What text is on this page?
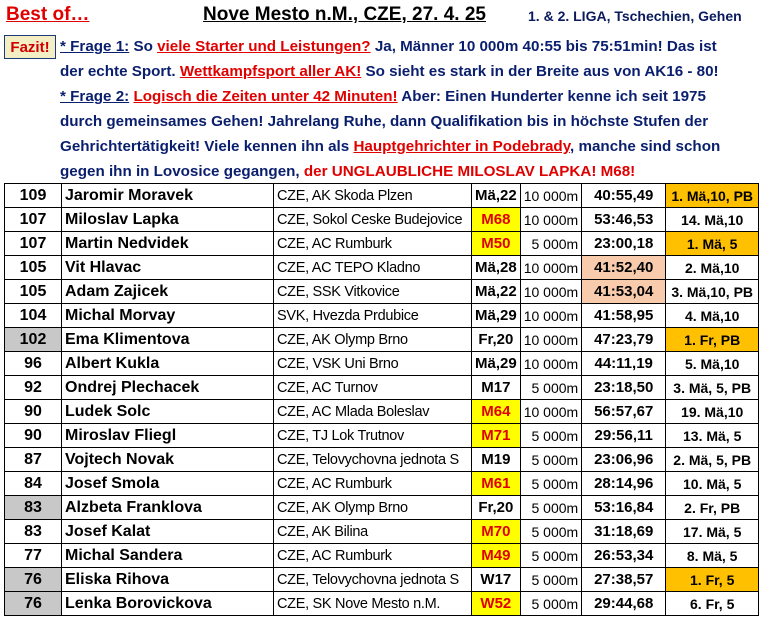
Best of…	Nove Mesto n.M., CZE, 27. 4. 25	1. & 2. LIGA, Tschechien, Gehen
Fazit! * Frage 1: So viele Starter und Leistungen? Ja, Männer 10 000m 40:55 bis 75:51min! Das ist
der echte Sport. Wettkampfsport aller AK! So sieht es stark in der Breite aus von AK16 - 80!
* Frage 2: Logisch die Zeiten unter 42 Minuten! Aber: Einen Hunderter kenne ich seit 1975
durch gemeinsames Gehen! Jahrelang Ruhe, dann Qualifikation bis in höchste Stufen der
Gehrichtertätigkeit! Viele kennen ihn als Hauptgehrichter in Podebrady, manche sind schon
gegen ihn in Lovosice gegangen, der UNGLAUBLICHE MILOSLAV LAPKA! M68!
109	Jaromir Moravek	CZE, AK Skoda Plzen	Mä,22	10 000m	40:55,49	1. Mä,10, PB
107	Miloslav Lapka	CZE, Sokol Ceske Budejovice	M68	10 000m	53:46,53	14. Mä,10
107	Martin Nedvidek	CZE, AC Rumburk	M50	5 000m	23:00,18	1. Mä, 5
105	Vit Hlavac	CZE, AC TEPO Kladno	Mä,28	10 000m	41:52,40	2. Mä,10
105	Adam Zajicek	CZE, SSK Vitkovice	Mä,22	10 000m	41:53,04	3. Mä,10, PB
104	Michal Morvay	SVK, Hvezda Prdubice	Mä,29	10 000m	41:58,95	4. Mä,10
102	Ema Klimentova	CZE, AK Olymp Brno	Fr,20	10 000m	47:23,79	1. Fr, PB
96	Albert Kukla	CZE, VSK Uni Brno	Mä,29	10 000m	44:11,19	5. Mä,10
92	Ondrej Plechacek	CZE, AC Turnov	M17	5 000m	23:18,50	3. Mä, 5, PB
90	Ludek Solc	CZE, AC Mlada Boleslav	M64	10 000m	56:57,67	19. Mä,10
90	Miroslav Fliegl	CZE, TJ Lok Trutnov	M71	5 000m	29:56,11	13. Mä, 5
87	Vojtech Novak	CZE, Telovychovna jednota S	M19	5 000m	23:06,96	2. Mä, 5, PB
84	Josef Smola	CZE, AC Rumburk	M61	5 000m	28:14,96	10. Mä, 5
83	Alzbeta Franklova	CZE, AK Olymp Brno	Fr,20	5 000m	53:16,84	2. Fr, PB
83	Josef Kalat	CZE, AK Bilina	M70	5 000m	31:18,69	17. Mä, 5
77	Michal Sandera	CZE, AC Rumburk	M49	5 000m	26:53,34	8. Mä, 5
76	Eliska Rihova	CZE, Telovychovna jednota S	W17	5 000m	27:38,57	1. Fr, 5
76	Lenka Borovickova	CZE, SK Nove Mesto n.M.	W52	5 000m	29:44,68	6. Fr, 5
